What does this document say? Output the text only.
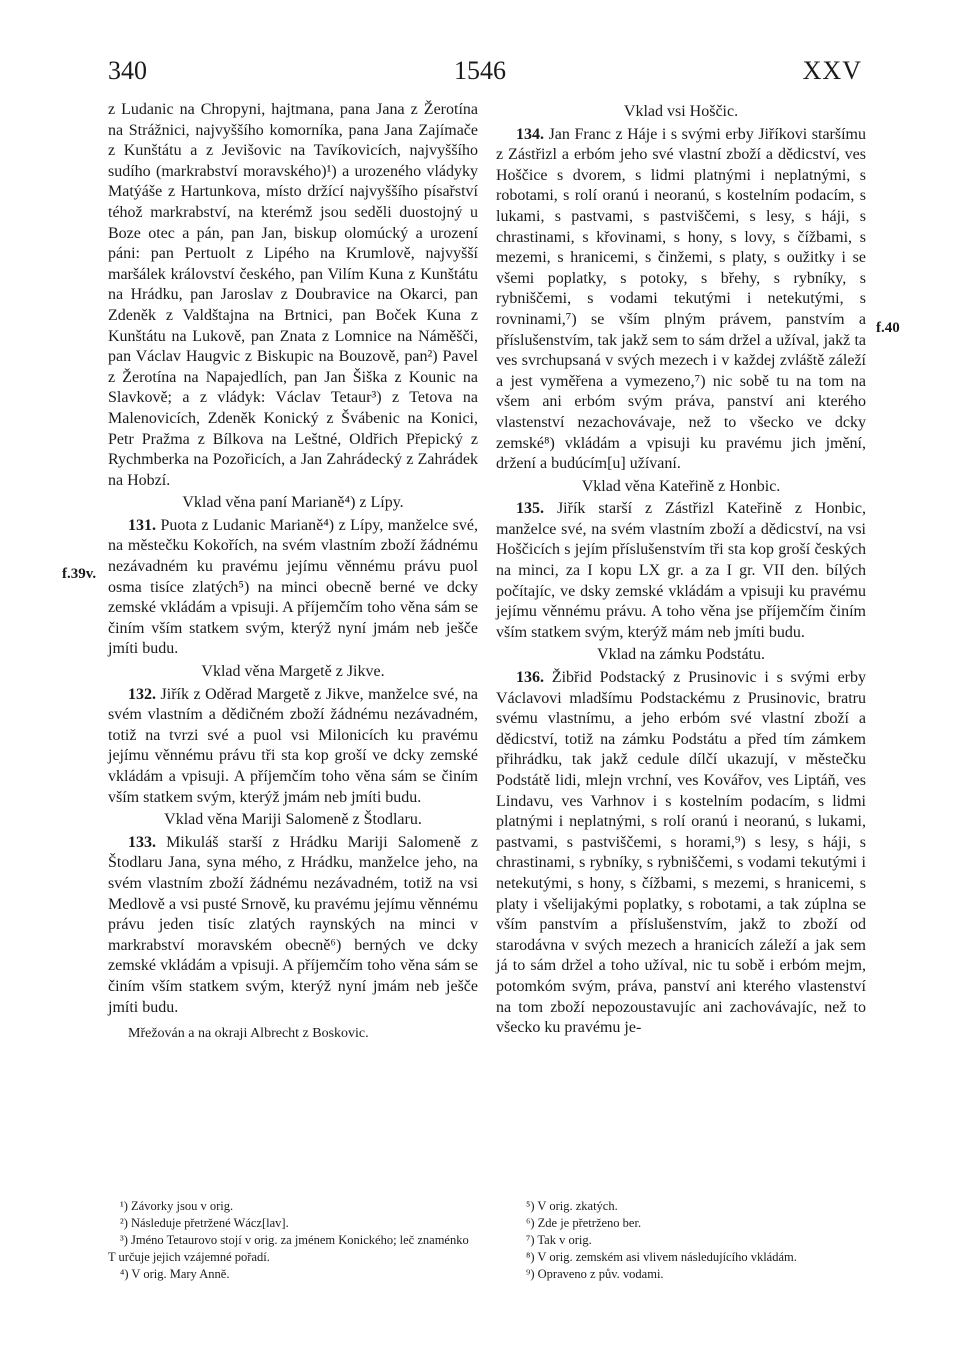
340	1546	XXV
f.39v.
f.40

z Ludanic na Chropyni, hajtmana, pana Jana z Žerotína na Strážnici, najvyššího komorníka, pana Jana Zajímače z Kunštátu a z Jevišovic na Tavíkovicích, najvyššího sudího (markrabství moravského)¹) a urozeného vládyky Matýáše z Hartunkova, místo držící najvyššího písařství téhož markrabství, na kterémž jsou seděli duostojný u Boze otec a pán, pan Jan, biskup olomúcký a urození páni: pan Pertuolt z Lipého na Krumlově, najvyšší maršálek království českého, pan Vilím Kuna z Kunštátu na Hrádku, pan Jaroslav z Doubravice na Okarci, pan Zdeněk z Valdštajna na Brtnici, pan Boček Kuna z Kunštátu na Lukově, pan Znata z Lomnice na Náměšči, pan Václav Haugvic z Biskupic na Bouzově, pan²) Pavel z Žerotína na Napajedlích, pan Jan Šiška z Kounic na Slavkově; a z vládyk: Václav Tetaur³) z Tetova na Malenovicích, Zdeněk Konický z Švábenic na Konici, Petr Pražma z Bílkova na Leštné, Oldřich Přepický z Rychmberka na Pozořicích, a Jan Zahrádecký z Zahrádek na Hobzí.

Vklad věna paní Marianě⁴) z Lípy.

131. Puota z Ludanic Marianě⁴) z Lípy, manželce své, na městečku Kokořích, na svém vlastním zboží žádnému nezávadném ku pravému jejímu věnnému právu puol osma tisíce zlatých⁵) na minci obecně berné ve dcky zemské vkládám a vpisuji. A příjemčím toho věna sám se činím vším statkem svým, kterýž nyní jmám neb ješče jmíti budu.

Vklad věna Margetě z Jikve.

132. Jiřík z Oděrad Margetě z Jikve, manželce své, na svém vlastním a dědičném zboží žádnému nezávadném, totiž na tvrzi své a puol vsi Milonicích ku pravému jejímu věnnému právu tři sta kop groší ve dcky zemské vkládám a vpisuji. A příjemčím toho věna sám se činím vším statkem svým, kterýž jmám neb jmíti budu.

Vklad věna Mariji Salomeně z Štodlaru.

133. Mikuláš starší z Hrádku Mariji Salomeně z Štodlaru Jana, syna mého, z Hrádku, manželce jeho, na svém vlastním zboží žádnému nezávadném, totiž na vsi Medlově a vsi pusté Srnově, ku pravému jejímu věnnému právu jeden tisíc zlatých raynských na minci v markrabství moravském obecně⁶) berných ve dcky zemské vkládám a vpisuji. A příjemčím toho věna sám se činím vším statkem svým, kterýž nyní jmám neb ješče jmíti budu.

Mřežován a na okraji Albrecht z Boskovic.

Vklad vsi Hoščic.

134. Jan Franc z Háje i s svými erby Jiříkovi staršímu z Zástřizl a erbóm jeho své vlastní zboží a dědicství, ves Hoščice s dvorem, s lidmi platnými i neplatnými, s robotami, s rolí oranú i neoranú, s kostelním podacím, s lukami, s pastvami, s pastviščemi, s lesy, s háji, s chrastinami, s křovinami, s hony, s lovy, s čížbami, s mezemi, s hranicemi, s činžemi, s platy, s oužitky i se všemi poplatky, s potoky, s břehy, s rybníky, s rybniščemi, s vodami tekutými i netekutými, s rovninami,⁷) se vším plným právem, panstvím a příslušenstvím, tak jakž sem to sám držel a užíval, jakž ta ves svrchupsaná v svých mezech i v každej zvláště záleží a jest vyměřena a vymezeno,⁷) nic sobě tu na tom na všem ani erbóm svým práva, panství ani kterého vlastenství nezachovávaje, než to všecko ve dcky zemské⁸) vkládám a vpisuji ku pravému jich jmění, držení a budúcím[u] užívaní.

Vklad věna Kateřině z Honbic.

135. Jiřík starší z Zástřizl Kateřině z Honbic, manželce své, na svém vlastním zboží a dědicství, na vsi Hoščicích s jejím příslušenstvím tři sta kop groší českých na minci, za I kopu LX gr. a za I gr. VII den. bílých počítajíc, ve dsky zemské vkládám a vpisuji ku pravému jejímu věnnému právu. A toho věna jse příjemčím činím vším statkem svým, kterýž mám neb jmíti budu.

Vklad na zámku Podstátu.

136. Žibřid Podstacký z Prusinovic i s svými erby Václavovi mladšímu Podstackému z Prusinovic, bratru svému vlastnímu, a jeho erbóm své vlastní zboží a dědicství, totiž na zámku Podstátu a před tím zámkem přihrádku, tak jakž cedule dílčí ukazují, v městečku Podstátě lidi, mlejn vrchní, ves Kovářov, ves Liptáň, ves Lindavu, ves Varhnov i s kostelním podacím, s lidmi platnými i neplatnými, s rolí oranú i neoranú, s lukami, pastvami, s pastviščemi, s horami,⁹) s lesy, s háji, s chrastinami, s rybníky, s rybniščemi, s vodami tekutými i netekutými, s hony, s čížbami, s mezemi, s hranicemi, s platy i všelijakými poplatky, s robotami, a tak zúplna se vším panstvím a příslušenstvím, jakž to zboží od starodávna v svých mezech a hranicích záleží a jak sem já to sám držel a toho užíval, nic tu sobě i erbóm mejm, potomkóm svým, práva, panství ani kterého vlastenství na tom zboží nepozoustavujíc ani zachovávajíc, než to všecko ku pravému je-

¹) Závorky jsou v orig.

²) Následuje přetržené Wácz[lav].

³) Jméno Tetaurovo stojí v orig. za jménem Konického; leč znaménko T určuje jejich vzájemné pořadí.

⁴) V orig. Mary Anně.

⁵) V orig. zkatých.

⁶) Zde je přetrženo ber.

⁷) Tak v orig.

⁸) V orig. zemském asi vlivem následujícího vkládám.

⁹) Opraveno z pův. vodami.
